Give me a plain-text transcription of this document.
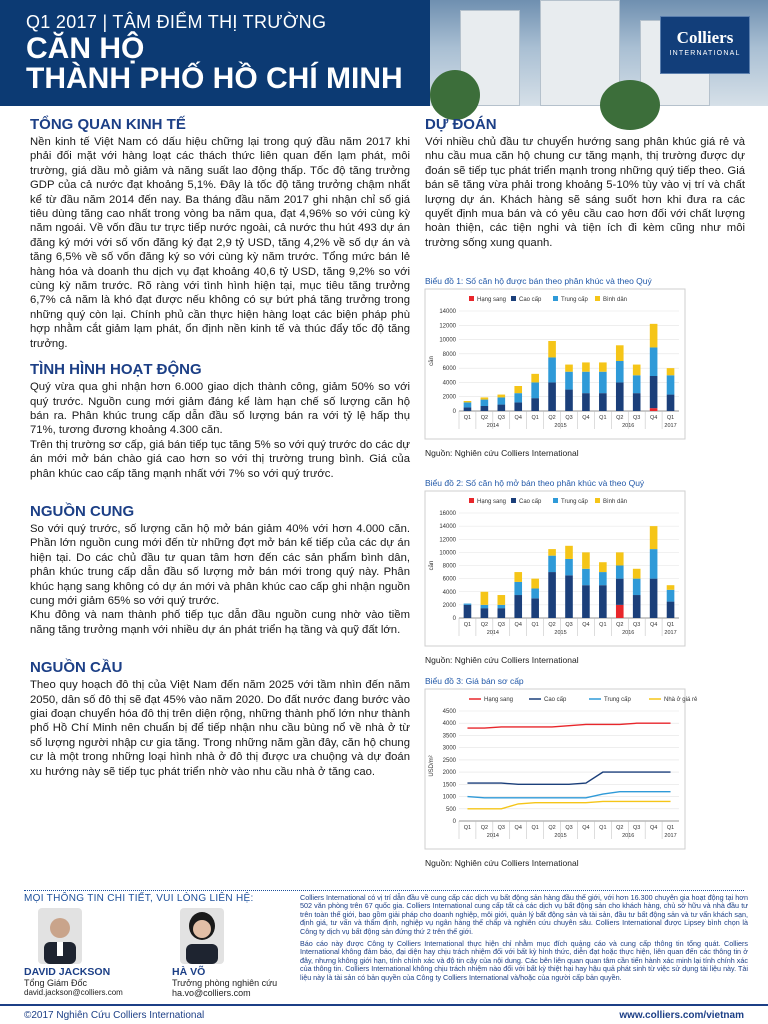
Q1 2017 | TÂM ĐIỂM THỊ TRƯỜNG
CĂN HỘ
THÀNH PHỐ HỒ CHÍ MINH
Colliers
INTERNATIONAL
TỔNG QUAN KINH TẾ
Nền kinh tế Việt Nam có dấu hiệu chững lại trong quý đầu năm 2017 khi phải đối mặt với hàng loạt các thách thức liên quan đến lạm phát, môi trường, giá dầu mỏ giảm và năng suất lao động thấp. Tốc độ tăng trưởng GDP của cả nước đạt khoảng 5,1%. Đây là tốc độ tăng trưởng chậm nhất kể từ đầu năm 2014 đến nay. Ba tháng đầu năm 2017 ghi nhận chỉ số giá tiêu dùng tăng cao nhất trong vòng ba năm qua, đạt 4,96% so với cùng kỳ năm ngoái. Về vốn đầu tư trực tiếp nước ngoài, cả nước thu hút 493 dự án đăng ký mới với số vốn đăng ký đạt 2,9 tỷ USD, tăng 4,2% về số dự án và tăng 6,5% về số vốn đăng ký so với cùng kỳ năm trước. Tổng mức bán lẻ hàng hóa và doanh thu dịch vụ đạt khoảng 40,6 tỷ USD, tăng 9,2% so với cùng kỳ năm trước. Rõ ràng với tình hình hiện tại, mục tiêu tăng trưởng 6,7% cả năm là khó đạt được nếu không có sự bứt phá tăng trưởng trong những quý còn lại. Chính phủ cần thực hiện hàng loạt các biện pháp phù hợp nhằm cắt giảm lạm phát, ổn định nền kinh tế và thúc đẩy tốc độ tăng trưởng.
TÌNH HÌNH HOẠT ĐỘNG
Quý vừa qua ghi nhận hơn 6.000 giao dịch thành công, giảm 50% so với quý trước. Nguồn cung mới giảm đáng kể làm hạn chế số lượng căn hộ bán ra. Phân khúc trung cấp dẫn đầu số lượng bán ra với tỷ lệ hấp thụ 71%, tương đương khoảng 4.300 căn.
Trên thị trường sơ cấp, giá bán tiếp tục tăng 5% so với quý trước do các dự án mới mở bán chào giá cao hơn so với thị trường trung bình. Giá của phân khúc cao cấp tăng mạnh nhất với 7% so với quý trước.
NGUỒN CUNG
So với quý trước, số lượng căn hộ mở bán giảm 40% với hơn 4.000 căn. Phần lớn nguồn cung mới đến từ những đợt mở bán kế tiếp của các dự án hiện tại. Do các chủ đầu tư quan tâm hơn đến các sản phẩm bình dân, phân khúc trung cấp dẫn đầu số lượng mở bán mới trong quý này. Phân khúc hạng sang không có dự án mới và phân khúc cao cấp ghi nhận nguồn cung mới giảm 65% so với quý trước.
Khu đông và nam thành phố tiếp tục dẫn đầu nguồn cung nhờ vào tiềm năng tăng trưởng mạnh với nhiều dự án phát triển hạ tầng và quỹ đất lớn.
NGUỒN CẦU
Theo quy hoạch đô thị của Việt Nam đến năm 2025 với tầm nhìn đến năm 2050, dân số đô thị sẽ đạt 45% vào năm 2020. Do đất nước đang bước vào giai đoạn chuyển hóa đô thị trên diện rộng, những thành phố lớn như thành phố Hồ Chí Minh nên chuẩn bị để tiếp nhận nhu cầu bùng nổ về nhà ở từ số lượng người nhập cư gia tăng. Trong những năm gần đây, căn hộ chung cư là một trong những loại hình nhà ở đô thị được ưa chuộng và dự đoán xu hướng này sẽ tiếp tục phát triển nhờ vào nhu cầu nhà ở tăng cao.
DỰ ĐOÁN
Với nhiều chủ đầu tư chuyển hướng sang phân khúc giá rẻ và nhu cầu mua căn hộ chung cư tăng mạnh, thị trường được dự đoán sẽ tiếp tục phát triển mạnh trong những quý tiếp theo. Giá bán sẽ tăng vừa phải trong khoảng 5-10% tùy vào vị trí và chất lượng dự án. Khách hàng sẽ sáng suốt hơn khi đưa ra các quyết định mua bán và có yêu cầu cao hơn đối với chất lượng hoàn thiện, các tiện nghi và tiện ích đi kèm cũng như môi trường sống xung quanh.
Biểu đồ 1: Số căn hộ được bán theo phân khúc và theo Quý
Hạng sang Cao cấp	Trung cấp	Bình dân
0
2000
4000
6000
8000
10000
12000
14000
căn
Q1 Q2 Q3 Q4 Q1 Q2 Q3 Q4 Q1 Q2 Q3 Q4 Q1
2014	2015	2016	2017
Nguồn: Nghiên cứu Colliers International
Biểu đồ 2: Số căn hộ mở bán theo phân khúc và theo Quý
Hạng sang Cao cấp	Trung cấp	Bình dân
0
2000
4000
6000
8000
10000
12000
14000
16000
căn
Q1 Q2 Q3 Q4 Q1 Q2 Q3 Q4 Q1 Q2 Q3 Q4 Q1
2014	2015	2016	2017
Nguồn: Nghiên cứu Colliers International
Biểu đồ 3: Giá bán sơ cấp
Hạng sang	Cao cấp	Trung cấp	Nhà ở giá rẻ
0
500
1000
1500
2000
2500
3000
3500
4000
4500
USD/m²
Q1 Q2 Q3 Q4 Q1 Q2 Q3 Q4 Q1 Q2 Q3 Q4 Q1
2014	2015	2016	2017
Nguồn: Nghiên cứu Colliers International
MỌI THÔNG TIN CHI TIẾT, VUI LÒNG LIÊN HỆ:
DAVID JACKSON
Tổng Giám Đốc
david.jackson@colliers.com
HÀ VÕ
Trưởng phòng nghiên cứu
ha.vo@colliers.com
Colliers International có vị trí dẫn đầu về cung cấp các dịch vụ bất động sản hàng đầu thế giới, với hơn 16.300 chuyên gia hoạt động tại hơn 502 văn phòng trên 67 quốc gia. Colliers International cung cấp tất cả các dịch vụ bất động sản cho khách hàng, chủ sở hữu và nhà đầu tư trên toàn thế giới, bao gồm giải pháp cho doanh nghiệp, môi giới, quản lý bất động sản và tài sản, đầu tư bất động sản và tư vấn khách sạn, định giá, tư vấn và thẩm định, nghiệp vụ ngân hàng thế chấp và nghiên cứu chuyên sâu. Colliers International được Lipsey bình chọn là Công ty dịch vụ bất động sản đứng thứ 2 trên thế giới.
Báo cáo này được Công ty Colliers International thực hiện chỉ nhằm mục đích quảng cáo và cung cấp thông tin tổng quát. Colliers International không đảm bảo, đại diện hay chịu trách nhiệm đối với bất kỳ hình thức, diễn đạt hoặc thực hiện, liên quan đến các thông tin ở đây, nhưng không giới hạn, tính chính xác và độ tin cậy của nội dung. Các bên liên quan quan tâm cần tiến hành xác minh lại tính chính xác của thông tin. Colliers International không chịu trách nhiệm nào đối với bất kỳ thiệt hại hay hậu quả phát sinh từ việc sử dụng tài liệu này. Tài liệu này là tài sản có bản quyền của Công ty Colliers International và/hoặc của người cấp bản quyền.
©2017 Nghiên Cứu Colliers International	www.colliers.com/vietnam
